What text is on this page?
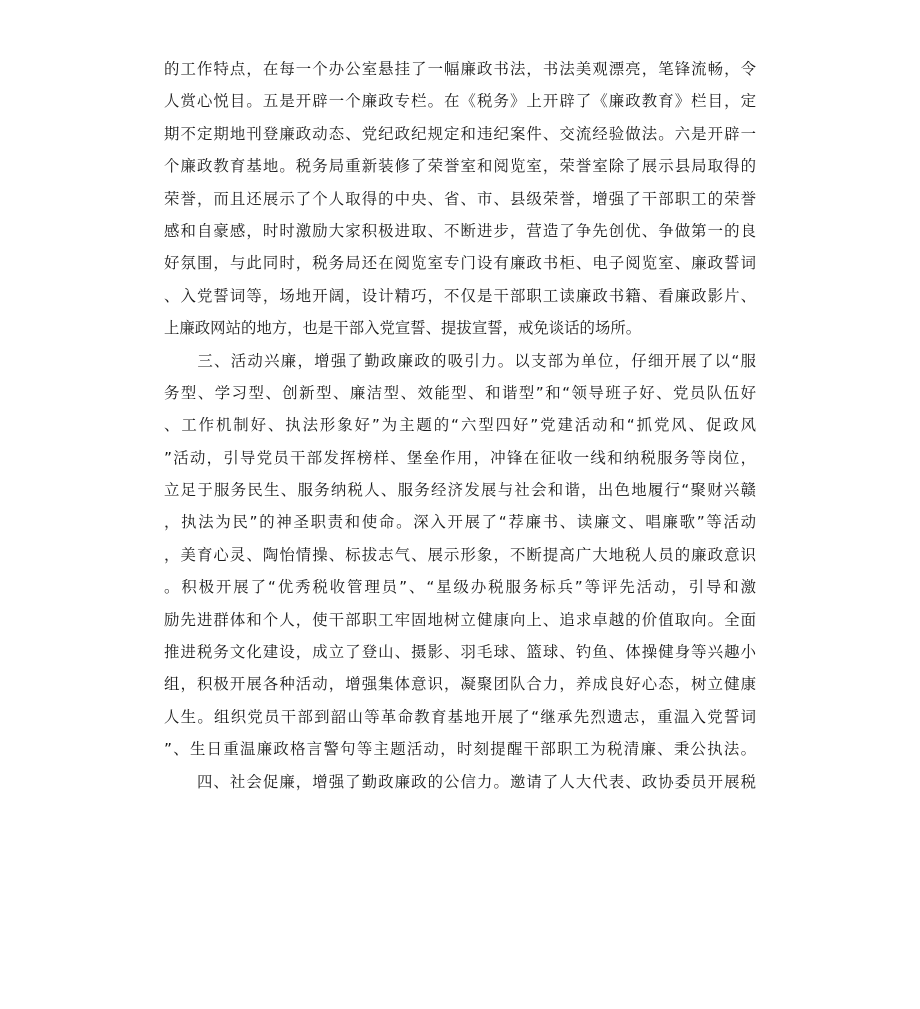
的工作特点，在每一个办公室悬挂了一幅廉政书法，书法美观漂亮，笔锋流畅，令
人赏心悦目。五是开辟一个廉政专栏。在《税务》上开辟了《廉政教育》栏目，定
期不定期地刊登廉政动态、党纪政纪规定和违纪案件、交流经验做法。六是开辟一
个廉政教育基地。税务局重新装修了荣誉室和阅览室，荣誉室除了展示县局取得的
荣誉，而且还展示了个人取得的中央、省、市、县级荣誉，增强了干部职工的荣誉
感和自豪感，时时激励大家积极进取、不断进步，营造了争先创优、争做第一的良
好氛围，与此同时，税务局还在阅览室专门设有廉政书柜、电子阅览室、廉政誓词
、入党誓词等，场地开阔，设计精巧，不仅是干部职工读廉政书籍、看廉政影片、
上廉政网站的地方，也是干部入党宣誓、提拔宣誓，戒免谈话的场所。
　　三、活动兴廉，增强了勤政廉政的吸引力。以支部为单位，仔细开展了以“服
务型、学习型、创新型、廉洁型、效能型、和谐型”和“领导班子好、党员队伍好
、工作机制好、执法形象好”为主题的“六型四好”党建活动和“抓党风、促政风
”活动，引导党员干部发挥榜样、堡垒作用，冲锋在征收一线和纳税服务等岗位，
立足于服务民生、服务纳税人、服务经济发展与社会和谐，出色地履行“聚财兴赣
，执法为民”的神圣职责和使命。深入开展了“荐廉书、读廉文、唱廉歌”等活动
，美育心灵、陶怡情操、标拔志气、展示形象，不断提高广大地税人员的廉政意识
。积极开展了“优秀税收管理员”、“星级办税服务标兵”等评先活动，引导和激
励先进群体和个人，使干部职工牢固地树立健康向上、追求卓越的价值取向。全面
推进税务文化建设，成立了登山、摄影、羽毛球、篮球、钓鱼、体操健身等兴趣小
组，积极开展各种活动，增强集体意识，凝聚团队合力，养成良好心态，树立健康
人生。组织党员干部到韶山等革命教育基地开展了“继承先烈遗志，重温入党誓词
”、生日重温廉政格言警句等主题活动，时刻提醒干部职工为税清廉、秉公执法。
　　四、社会促廉，增强了勤政廉政的公信力。邀请了人大代表、政协委员开展税
